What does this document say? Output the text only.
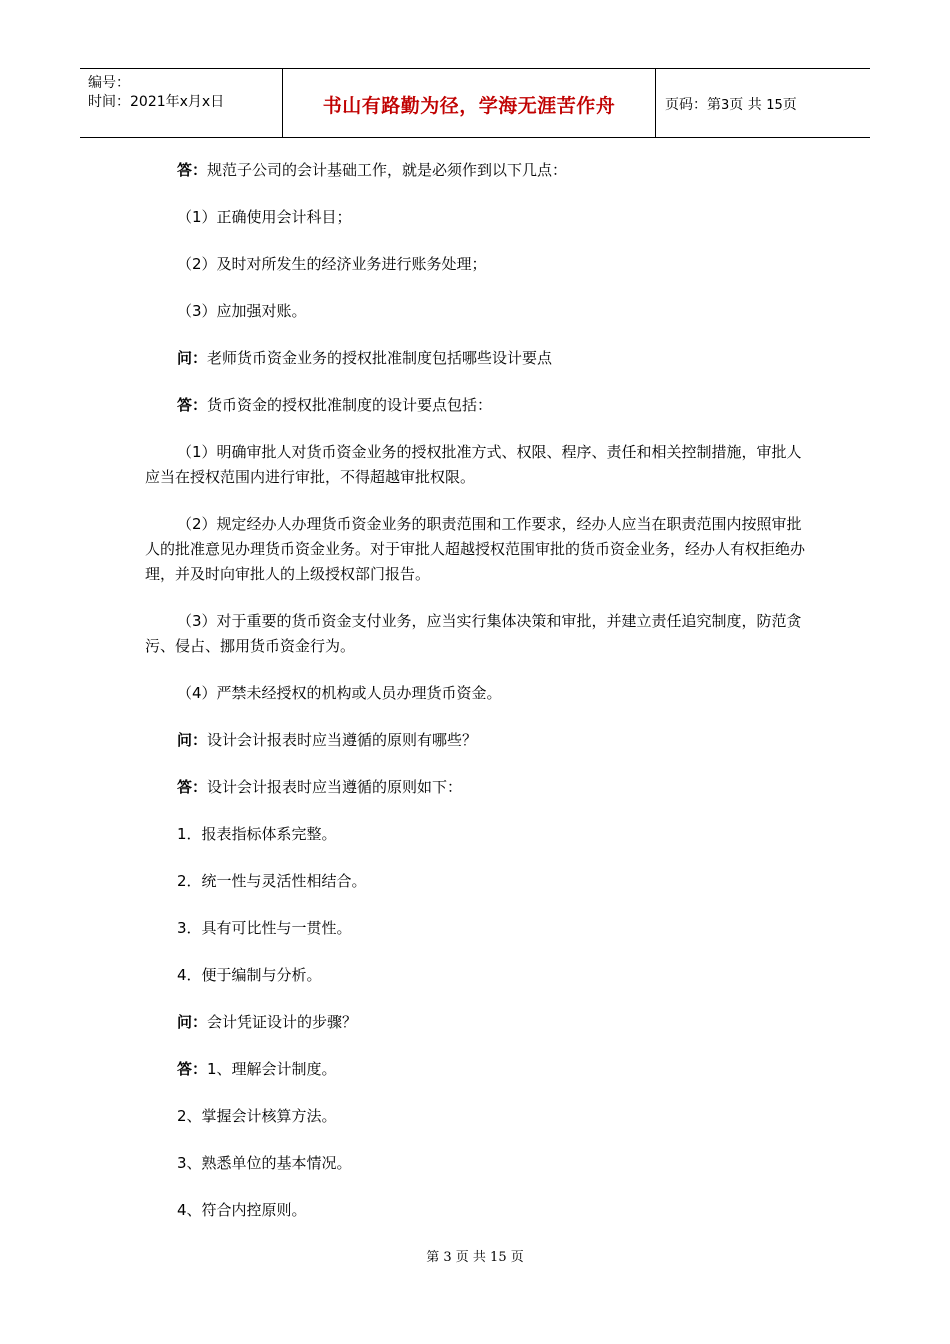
编号：
时间：2021年x月x日	书山有路勤为径，学海无涯苦作舟	页码：第3页 共 15页

答：规范子公司的会计基础工作，就是必须作到以下几点：

（1）正确使用会计科目；

（2）及时对所发生的经济业务进行账务处理；

（3）应加强对账。

问：老师货币资金业务的授权批准制度包括哪些设计要点

答：货币资金的授权批准制度的设计要点包括：

（1）明确审批人对货币资金业务的授权批准方式、权限、程序、责任和相关控制措施，审批人应当在授权范围内进行审批，不得超越审批权限。

（2）规定经办人办理货币资金业务的职责范围和工作要求，经办人应当在职责范围内按照审批人的批准意见办理货币资金业务。对于审批人超越授权范围审批的货币资金业务，经办人有权拒绝办理，并及时向审批人的上级授权部门报告。

（3）对于重要的货币资金支付业务，应当实行集体决策和审批，并建立责任追究制度，防范贪污、侵占、挪用货币资金行为。

（4）严禁未经授权的机构或人员办理货币资金。

问：设计会计报表时应当遵循的原则有哪些？

答：设计会计报表时应当遵循的原则如下：

1．报表指标体系完整。

2．统一性与灵活性相结合。

3．具有可比性与一贯性。

4．便于编制与分析。

问：会计凭证设计的步骤？

答：1、理解会计制度。

2、掌握会计核算方法。

3、熟悉单位的基本情况。

4、符合内控原则。

第 3 页 共 15 页
